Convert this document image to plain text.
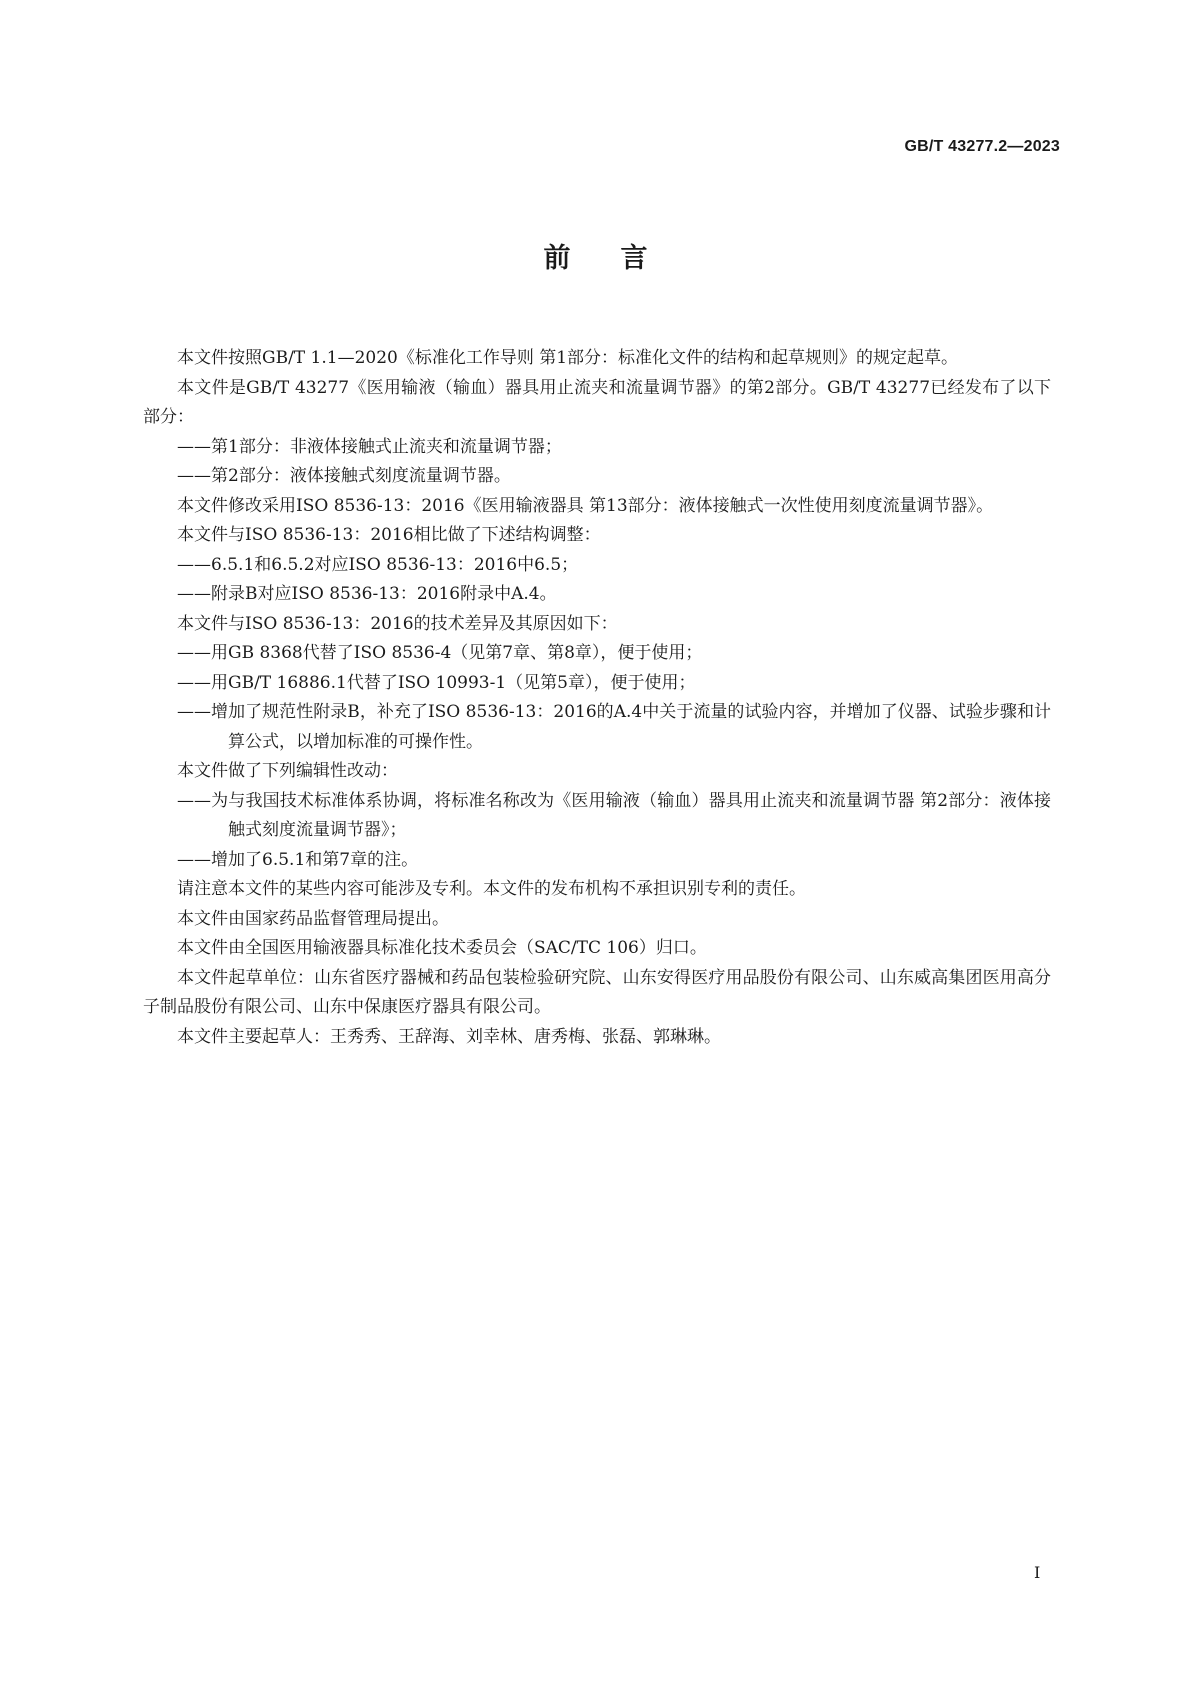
GB/T 43277.2—2023
前言

本文件按照GB/T 1.1—2020《标准化工作导则 第1部分：标准化文件的结构和起草规则》的规定起草。

本文件是GB/T 43277《医用输液（输血）器具用止流夹和流量调节器》的第2部分。GB/T 43277已经发布了以下部分：

——第1部分：非液体接触式止流夹和流量调节器；

——第2部分：液体接触式刻度流量调节器。

本文件修改采用ISO 8536-13：2016《医用输液器具 第13部分：液体接触式一次性使用刻度流量调节器》。

本文件与ISO 8536-13：2016相比做了下述结构调整：

——6.5.1和6.5.2对应ISO 8536-13：2016中6.5；

——附录B对应ISO 8536-13：2016附录中A.4。

本文件与ISO 8536-13：2016的技术差异及其原因如下：

——用GB 8368代替了ISO 8536-4（见第7章、第8章），便于使用；

——用GB/T 16886.1代替了ISO 10993-1（见第5章），便于使用；

——增加了规范性附录B，补充了ISO 8536-13：2016的A.4中关于流量的试验内容，并增加了仪器、试验步骤和计算公式，以增加标准的可操作性。

本文件做了下列编辑性改动：

——为与我国技术标准体系协调，将标准名称改为《医用输液（输血）器具用止流夹和流量调节器 第2部分：液体接触式刻度流量调节器》；

——增加了6.5.1和第7章的注。

请注意本文件的某些内容可能涉及专利。本文件的发布机构不承担识别专利的责任。

本文件由国家药品监督管理局提出。

本文件由全国医用输液器具标准化技术委员会（SAC/TC 106）归口。

本文件起草单位：山东省医疗器械和药品包装检验研究院、山东安得医疗用品股份有限公司、山东威高集团医用高分子制品股份有限公司、山东中保康医疗器具有限公司。

本文件主要起草人：王秀秀、王辞海、刘幸林、唐秀梅、张磊、郭琳琳。

I
